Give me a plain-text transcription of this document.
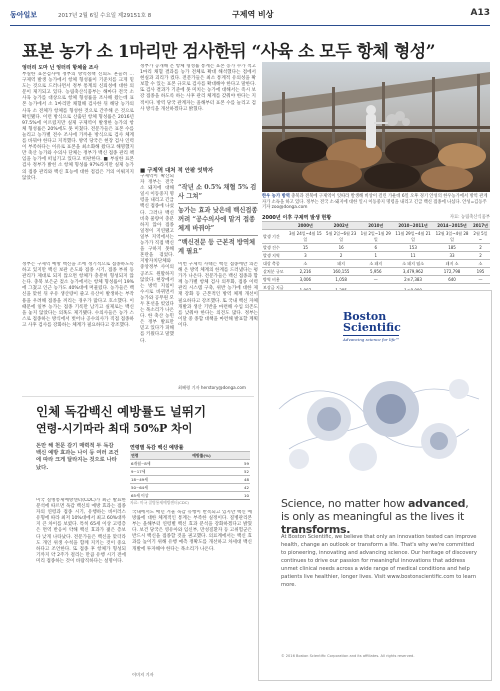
동아일보	2017년 2월 6일 수요일 제29151호 8	구제역 비상	A13
표본 농가 소 1마리만 검사한뒤 “사육 소 모두 항체 형성”
엉터리 도마 닌 엉터리 항체율 조사
부실한 표본검사에 정부의 방역정책 신뢰도 흔들려 … 구제역 발생 농가에서 항체 형성률이 기준치를 크게 밑도는 것으로 드러나면서 정부 통계의 신뢰성에 대한 의문이 제기되고 있다. 농림축산식품부는 해마다 전국 소 사육 농가를 대상으로 항체 형성률을 조사해 왔는데 표본 농가에서 소 1마리만 채혈해 검사한 뒤 해당 농가의 사육 소 전체가 항체를 형성한 것으로 간주해 온 것으로 확인됐다. 이런 방식으로 산출된 항체 형성률은 2016년 97.5%에 이르렀지만 실제 구제역이 발생한 농가의 항체 형성률은 20%에도 못 미쳤다. 전문가들은 표본 수를 늘리고 농가별 전수 조사에 가까운 방식으로 검사 체계를 바꿔야 한다고 지적했다. 방역 당국은 현장 검사 인력이 부족하다는 이유로 표본을 최소화해 왔다고 해명했지만 축산 농가와 수의사 단체는 정부가 백신 접종 관리 책임을 농가에 떠넘기고 있다고 비판한다. ■ 부실한 표본검사 정부가 밝힌 소 항체 형성률 97%라지만 실제 농가의 접종 관리와 백신 효능에 대한 점검은 거의 이뤄지지 않았다.
정부는 구제역 예방 백신을 소에 정기적으로 접종하도록 하고 있지만 백신 보관 온도와 접종 시기, 접종 부위 등 관리가 제대로 되지 않으면 항체가 충분히 형성되지 않는다. 충북 보은군 젖소 농가에서는 항체 형성률이 19%에 그쳤고 인근 농가도 40%대에 머물렀다. 농가들은 백신을 맞힌 뒤 우유 생산량이 줄고 유산이 발생하는 부작용을 우려해 접종을 꺼리는 경우가 많다고 호소했다. 이 때문에 일부 농가는 접종 기록만 남기고 실제로는 백신을 놓지 않았다는 의혹도 제기됐다. 수의사들은 농가 스스로 접종하는 방식에서 벗어나 공수의사가 직접 접종하고 사후 검사를 강화하는 체계가 필요하다고 강조했다.
정부가 공개해 온 항체 형성률 통계는 표본 농가 수가 적고 1마리 채혈 결과를 농가 전체로 확대 해석했다는 점에서 현실과 괴리가 컸다. 전문가들은 최소 통계적 유의성을 확보할 수 있는 표본 규모로 검사를 확대해야 한다고 말한다. 또 검사 결과가 기준에 못 미치는 농가에 대해서는 즉시 보강 접종을 하도록 하는 사후 관리 체계를 갖춰야 한다는 지적이다. 방역 당국 관계자는 올해부터 표본 수를 늘리고 검사 방식을 개선하겠다고 밝혔다.
■ 구제역 대처 적 안팎 엇박자
구제역이 확산되자 정부는 전국 소 돼지에 대해 일시 이동중지 명령을 내리고 긴급 백신 접종에 나섰다. 그러나 백신 비축 물량이 충분하지 않아 접종 일정이 지연됐고 일부 지역에서는 농가가 직접 백신을 구하지 못해 혼란을 겪었다. 지방자치단체와 중앙정부 사이의 공조도 원활하지 않았다. 현장에서는 방역 지침이 수시로 바뀌면서 농가와 공무원 모두 혼선을 빚었다는 목소리가 나온다. 한 축산 농민은 정부 발표만 믿고 있다가 피해를 키웠다고 말했다.
“작년 소 0.5% 채혈 5% 검사 그쳐”
농가는 효과 낮은데 백신접종 꺼려 “공수의사에 맡겨 접종 체계 바꿔야”
“백신전문 등 근본적 방역체계 필요”
이번 구제역 사태는 백신 접종에만 의존해 온 방역 체계의 한계를 드러냈다는 평가가 나온다. 전문가들은 백신 접종과 함께 농가별 항체 검사 의무화, 접종 이력 관리 시스템 구축, 위반 농가에 대한 제재 강화 등 근본적인 방역 체계 개선이 필요하다고 강조했다. 또 국내 백신 자체 개발과 생산 기반을 마련해 수입 의존도를 낮춰야 한다는 의견도 많다. 정부는 이달 중 종합 대책을 마련해 발표할 계획이다.
최혜령 기자 herstory@donga.com
한우 농가 방역 충북과 전북에 구제역이 잇따라 발생해 비상이 걸린 가운데 6일 오후 경기 안성의 한우농가에서 방역 관계자가 소독을 하고 있다. 정부는 전국 소·돼지에 대한 일시 이동중지 명령을 내리고 긴급 백신 접종에 나섰다. 안성=김동주 기자 zoo@donga.com
2000년 이후 구제역 발생 현황	자료: 농림축산식품부
	2000년	2002년	2010년	2010~2011년	2014~2015년	2017년
발생 기간	3월 24일~4월 15일	5월 2일~6월 23일	1월 2일~1월 29일	11월 29일~4월 21일	12월 3일~4월 28일	2월 5일~
발생 건수	15	16	6	153	185	2
발생 지역	3	2	1	11	33	2
대상 축종	소	돼지	소 돼지	소 돼지 염소	돼지 소	소
살처분 규모	2,216	160,155	5,956	3,479,962	172,798	195
방역 비용	3,006	1,058	—	2조7,383	640	—
보상금 지급						
Boston
Scientific
Advancing science for life™
Science, no matter how advanced, is only as meaningful as the lives it transforms.
At Boston Scientific, we believe that only an innovation tested can improve health, change an outlook or transform a life. That's why we're committed to pioneering, innovating and advancing science. Our heritage of discovery continues to drive our passion for meaningful innovations that address unmet clinical needs across a wide range of medical conditions and help patients live healthier, longer lives. Visit www.bostonscientific.com to learn more.
© 2016 Boston Scientific Corporation and its affiliates. All rights reserved.
인체 독감백신 예방률도 널뛰기
연령-시기따라 최대 50%P 차이
돈만 해 천문 감기 매력적 두 독감 백신 예방 효과는 나이 등 여러 조건에 따라 크게 달라지는 것으로 나타났다.
연령별 독감 백신 예방률
연령	예방률(%)
6개월~8세	59
9~17세	52
18~49세	48
50~64세	42
65세 이상	10
자료: 미국 질병통제예방센터(CDC)
미국 질병통제예방센터(CDC)가 최근 발표한 분석에 따르면 독감 백신의 예방 효과는 접종자의 연령과 접종 시기, 유행하는 바이러스 유형에 따라 최저 10%대에서 최고 60%대까지 큰 차이를 보였다. 특히 65세 이상 고령층은 면역 반응이 약해 백신 효과가 젊은 층보다 낮게 나타났다. 전문가들은 백신을 맞더라도 개인 위생 수칙을 함께 지키는 것이 중요하다고 조언한다. 또 접종 후 항체가 형성되기까지 약 2주가 걸리는 만큼 유행 시기 전에 미리 접종하는 것이 바람직하다는 설명이다.
국내에서도 매년 겨울 독감 유행이 반복되고 있지만 백신 예방률에 대한 체계적인 통계는 부족한 실정이다. 질병관리본부는 올해부터 연령별 백신 효과 분석을 강화하겠다고 밝혔다. 보건 당국은 영유아와 임신부, 만성질환자 등 고위험군은 반드시 백신을 접종할 것을 권고했다. 의료계에서는 백신 효과를 높이기 위해 유행 예측 정확도를 개선하고 차세대 백신 개발에 투자해야 한다는 목소리가 나온다.
이미지 기자
